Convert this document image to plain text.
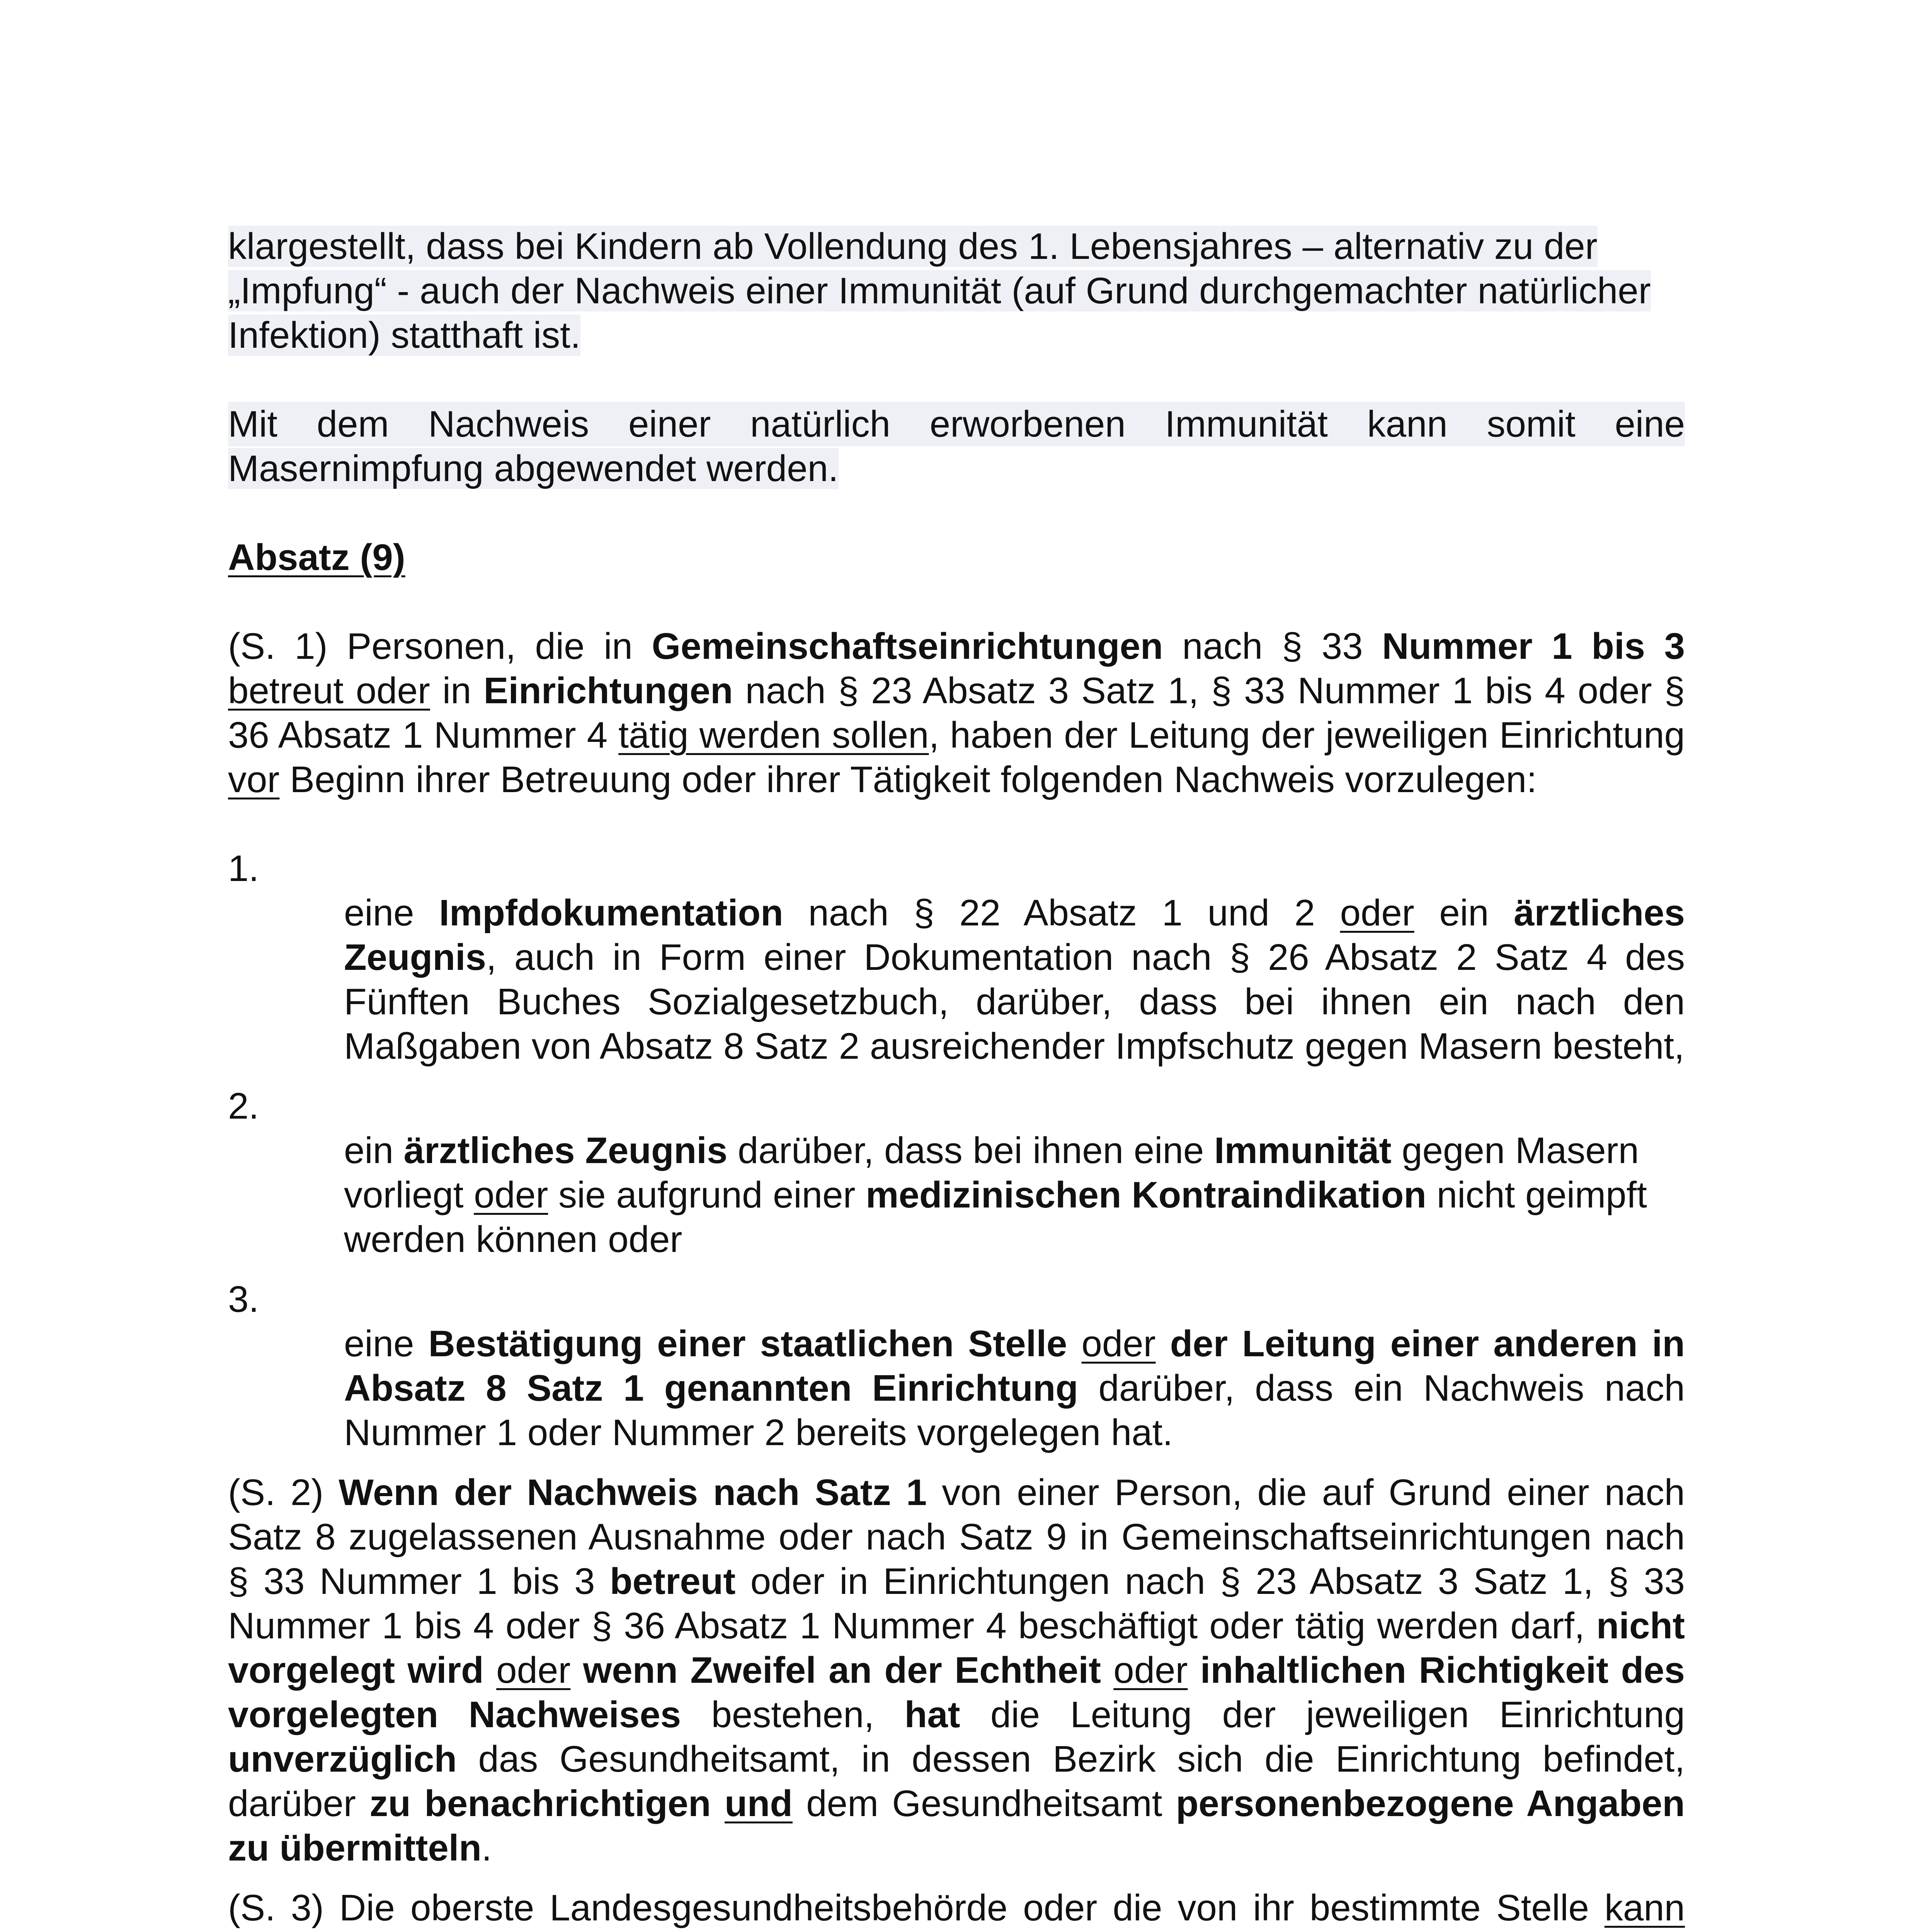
klargestellt, dass bei Kindern ab Vollendung des 1. Lebensjahres – alternativ zu der
„Impfung“ - auch der Nachweis einer Immunität (auf Grund durchgemachter natürlicher
Infektion) statthaft ist.

Mit dem Nachweis einer natürlich erworbenen Immunität kann somit eine
Masernimpfung abgewendet werden.

Absatz (9)

(S. 1) Personen, die in Gemeinschaftseinrichtungen nach § 33 Nummer 1 bis 3 betreut oder in Einrichtungen nach § 23 Absatz 3 Satz 1, § 33 Nummer 1 bis 4 oder § 36 Absatz 1 Nummer 4 tätig werden sollen, haben der Leitung der jeweiligen Einrichtung vor Beginn ihrer Betreuung oder ihrer Tätigkeit folgenden Nachweis vorzulegen:

1.

eine Impfdokumentation nach § 22 Absatz 1 und 2 oder ein ärztliches Zeugnis, auch in Form einer Dokumentation nach § 26 Absatz 2 Satz 4 des Fünften Buches Sozialgesetzbuch, darüber, dass bei ihnen ein nach den Maßgaben von Absatz 8 Satz 2 ausreichender Impfschutz gegen Masern besteht,

2.

ein ärztliches Zeugnis darüber, dass bei ihnen eine Immunität gegen Masern vorliegt oder sie aufgrund einer medizinischen Kontraindikation nicht geimpft werden können oder

3.

eine Bestätigung einer staatlichen Stelle oder der Leitung einer anderen in Absatz 8 Satz 1 genannten Einrichtung darüber, dass ein Nachweis nach Nummer 1 oder Nummer 2 bereits vorgelegen hat.

(S. 2) Wenn der Nachweis nach Satz 1 von einer Person, die auf Grund einer nach Satz 8 zugelassenen Ausnahme oder nach Satz 9 in Gemeinschaftseinrichtungen nach § 33 Nummer 1 bis 3 betreut oder in Einrichtungen nach § 23 Absatz 3 Satz 1, § 33 Nummer 1 bis 4 oder § 36 Absatz 1 Nummer 4 beschäftigt oder tätig werden darf, nicht vorgelegt wird oder wenn Zweifel an der Echtheit oder inhaltlichen Richtigkeit des vorgelegten Nachweises bestehen, hat die Leitung der jeweiligen Einrichtung unverzüglich das Gesundheitsamt, in dessen Bezirk sich die Einrichtung befindet, darüber zu benachrichtigen und dem Gesundheitsamt personenbezogene Angaben zu übermitteln.

(S. 3) Die oberste Landesgesundheitsbehörde oder die von ihr bestimmte Stelle kann
